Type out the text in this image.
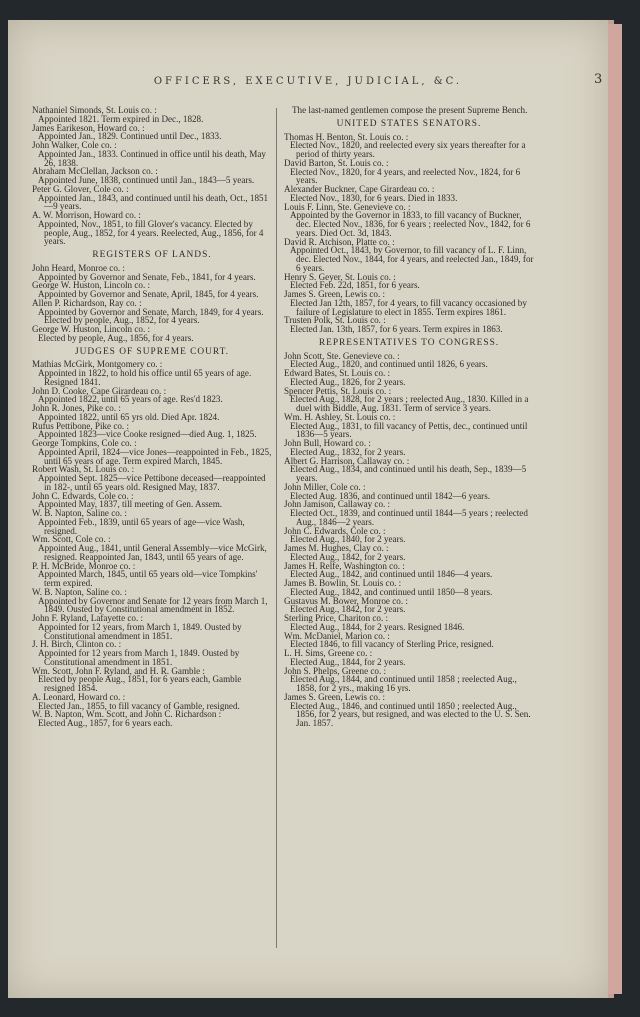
OFFICERS, EXECUTIVE, JUDICIAL, &C.	3
Nathaniel Simonds, St. Louis co. :
Appointed 1821. Term expired in Dec., 1828.
James Earikeson, Howard co. :
Appointed Jan., 1829. Continued until Dec., 1833.
John Walker, Cole co. :
Appointed Jan., 1833. Continued in office until his death, May 26, 1838.
Abraham McClellan, Jackson co. :
Appointed June, 1838, continued until Jan., 1843—5 years.
Peter G. Glover, Cole co. :
Appointed Jan., 1843, and continued until his death, Oct., 1851—9 years.
A. W. Morrison, Howard co. :
Appointed, Nov., 1851, to fill Glover's vacancy. Elected by people, Aug., 1852, for 4 years. Reelected, Aug., 1856, for 4 years.
REGISTERS OF LANDS.
John Heard, Monroe co. :
Appointed by Governor and Senate, Feb., 1841, for 4 years.
George W. Huston, Lincoln co. :
Appointed by Governor and Senate, April, 1845, for 4 years.
Allen P. Richardson, Ray co. :
Appointed by Governor and Senate, March, 1849, for 4 years. Elected by people, Aug., 1852, for 4 years.
George W. Huston, Lincoln co. :
Elected by people, Aug., 1856, for 4 years.
JUDGES OF SUPREME COURT.
Mathias McGirk, Montgomery co. :
Appointed in 1822, to hold his office until 65 years of age. Resigned 1841.
John D. Cooke, Cape Girardeau co. :
Appointed 1822, until 65 years of age. Res'd 1823.
John R. Jones, Pike co. :
Appointed 1822, until 65 yrs old. Died Apr. 1824.
Rufus Pettibone, Pike co. :
Appointed 1823—vice Cooke resigned—died Aug. 1, 1825.
George Tompkins, Cole co. :
Appointed April, 1824—vice Jones—reappointed in Feb., 1825, until 65 years of age. Term expired March, 1845.
Robert Wash, St. Louis co. :
Appointed Sept. 1825—vice Pettibone deceased—reappointed in 182-, until 65 years old. Resigned May, 1837.
John C. Edwards, Cole co. :
Appointed May, 1837, till meeting of Gen. Assem.
W. B. Napton, Saline co. :
Appointed Feb., 1839, until 65 years of age—vice Wash, resigned.
Wm. Scott, Cole co. :
Appointed Aug., 1841, until General Assembly—vice McGirk, resigned. Reappointed Jan, 1843, until 65 years of age.
P. H. McBride, Monroe co. :
Appointed March, 1845, until 65 years old—vice Tompkins' term expired.
W. B. Napton, Saline co. :
Appointed by Governor and Senate for 12 years from March 1, 1849. Ousted by Constitutional amendment in 1852.
John F. Ryland, Lafayette co. :
Appointed for 12 years, from March 1, 1849. Ousted by Constitutional amendment in 1851.
J. H. Birch, Clinton co. :
Appointed for 12 years from March 1, 1849. Ousted by Constitutional amendment in 1851.
Wm. Scott, John F. Ryland, and H. R. Gamble :
Elected by people Aug., 1851, for 6 years each, Gamble resigned 1854.
A. Leonard, Howard co. :
Elected Jan., 1855, to fill vacancy of Gamble, resigned.
W. B. Napton, Wm. Scott, and John C. Richardson :
Elected Aug., 1857, for 6 years each.
The last-named gentlemen compose the present Supreme Bench.
UNITED STATES SENATORS.
Thomas H. Benton, St. Louis co. :
Elected Nov., 1820, and reelected every six years thereafter for a period of thirty years.
David Barton, St. Louis co. :
Elected Nov., 1820, for 4 years, and reelected Nov., 1824, for 6 years.
Alexander Buckner, Cape Girardeau co. :
Elected Nov., 1830, for 6 years. Died in 1833.
Louis F. Linn, Ste. Genevieve co. :
Appointed by the Governor in 1833, to fill vacancy of Buckner, dec. Elected Nov., 1836, for 6 years ; reelected Nov., 1842, for 6 years. Died Oct. 3d, 1843.
David R. Atchison, Platte co. :
Appointed Oct., 1843, by Governor, to fill vacancy of L. F. Linn, dec. Elected Nov., 1844, for 4 years, and reelected Jan., 1849, for 6 years.
Henry S. Geyer, St. Louis co. :
Elected Feb. 22d, 1851, for 6 years.
James S. Green, Lewis co. :
Elected Jan 12th, 1857, for 4 years, to fill vacancy occasioned by failure of Legislature to elect in 1855. Term expires 1861.
Trusten Polk, St. Louis co. :
Elected Jan. 13th, 1857, for 6 years. Term expires in 1863.
REPRESENTATIVES TO CONGRESS.
John Scott, Ste. Genevieve co. :
Elected Aug., 1820, and continued until 1826, 6 years.
Edward Bates, St. Louis co. :
Elected Aug., 1826, for 2 years.
Spencer Pettis, St. Louis co. :
Elected Aug., 1828, for 2 years ; reelected Aug., 1830. Killed in a duel with Biddle, Aug. 1831. Term of service 3 years.
Wm. H. Ashley, St. Louis co. :
Elected Aug., 1831, to fill vacancy of Pettis, dec., continued until 1836—5 years.
John Bull, Howard co. :
Elected Aug., 1832, for 2 years.
Albert G. Harrison, Callaway co. :
Elected Aug., 1834, and continued until his death, Sep., 1839—5 years.
John Miller, Cole co. :
Elected Aug. 1836, and continued until 1842—6 years.
John Jamison, Callaway co. :
Elected Oct., 1839, and continued until 1844—5 years ; reelected Aug., 1846—2 years.
John C. Edwards, Cole co. :
Elected Aug., 1840, for 2 years.
James M. Hughes, Clay co. :
Elected Aug., 1842, for 2 years.
James H. Relfe, Washington co. :
Elected Aug., 1842, and continued until 1846—4 years.
James B. Bowlin, St. Louis co. :
Elected Aug., 1842, and continued until 1850—8 years.
Gustavus M. Bower, Monroe co. :
Elected Aug., 1842, for 2 years.
Sterling Price, Chariton co. :
Elected Aug., 1844, for 2 years. Resigned 1846.
Wm. McDaniel, Marion co. :
Elected 1846, to fill vacancy of Sterling Price, resigned.
L. H. Sims, Greene co. :
Elected Aug., 1844, for 2 years.
John S. Phelps, Greene co. :
Elected Aug., 1844, and continued until 1858 ; reelected Aug., 1858, for 2 yrs., making 16 yrs.
James S. Green, Lewis co. :
Elected Aug., 1846, and continued until 1850 ; reelected Aug., 1856, for 2 years, but resigned, and was elected to the U. S. Sen. Jan. 1857.
